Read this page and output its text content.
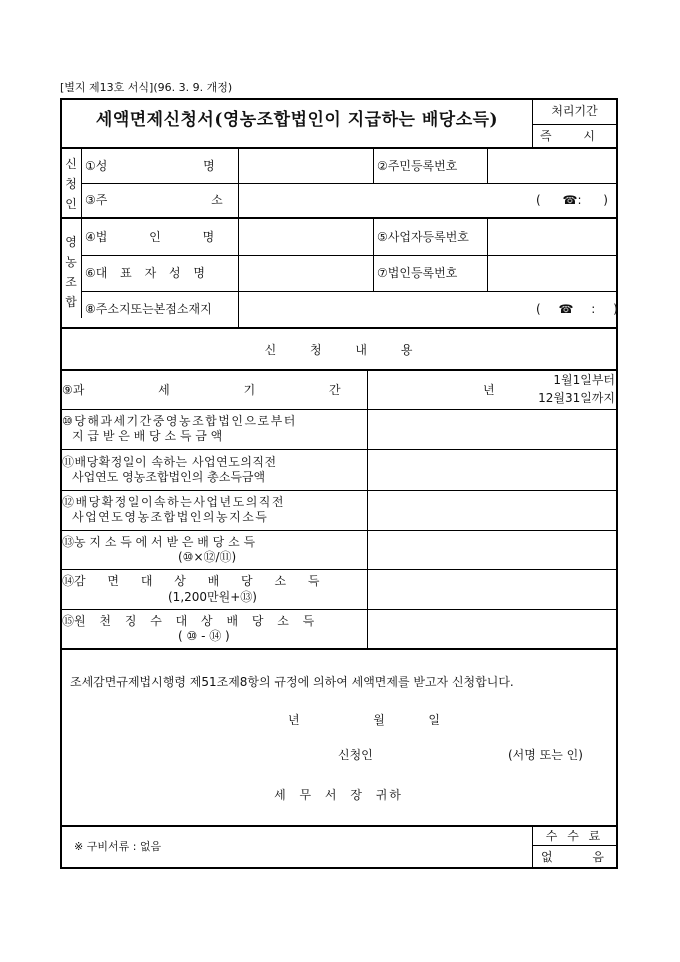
[별지 제13호 서식](96. 3. 9. 개정)
세액면제신청서(영농조합법인이 지급하는 배당소득)	처리기간
즉 시
신청인
①성 명	②주민등록번호
③주 소	( ☎: )
영농조합
④법 인 명	⑤사업자등록번호
⑥대 표 자 성 명	⑦법인등록번호
⑧주소지또는본점소재지	( ☎ : )
신 청 내 용
⑨과 세 기 간	년
1월1일부터
12월31일까지
⑩당해과세기간중영농조합법인으로부터
지 급 받 은 배 당 소 득 금 액
⑪배당확정일이 속하는 사업연도의직전
사업연도 영농조합법인의 총소득금액
⑫배당확정일이속하는사업년도의직전
사업연도영농조합법인의농지소득
⑬농 지 소 득 에 서 받 은 배 당 소 득
(⑩×⑫/⑪)
⑭감 면 대 상 배 당 소 득
(1,200만원+⑬)
⑮원 천 징 수 대 상 배 당 소 득
( ⑩ - ⑭ )
조세감면규제법시행령 제51조제8항의 규정에 의하여 세액면제를 받고자 신청합니다.
년	월	일
신청인	(서명 또는 인)
세 무 서 장 귀하
※ 구비서류 : 없음
수 수 료
없 음
